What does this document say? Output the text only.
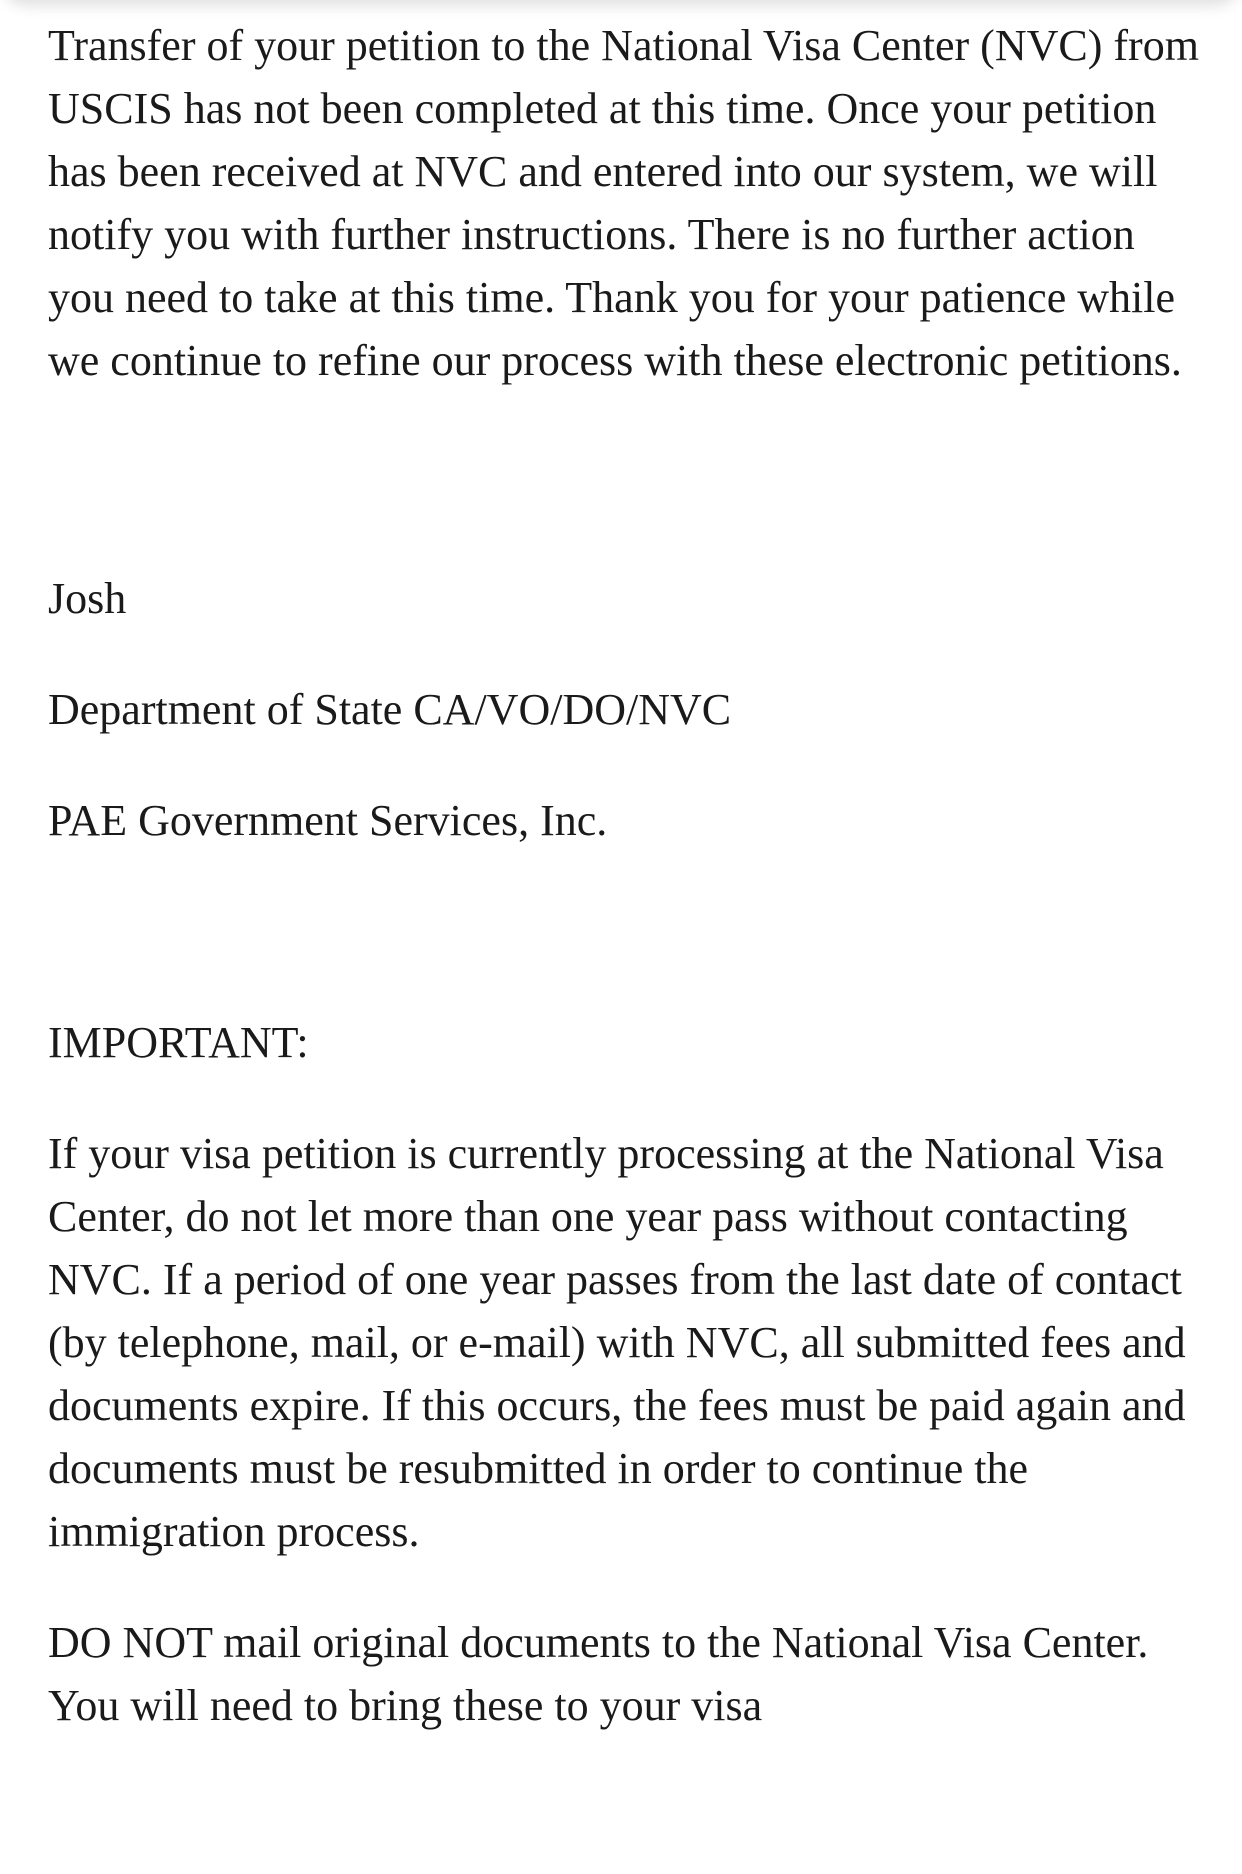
Transfer of your petition to the National Visa Center (NVC) from USCIS has not been completed at this time. Once your petition has been received at NVC and entered into our system, we will notify you with further instructions. There is no further action you need to take at this time. Thank you for your patience while we continue to refine our process with these electronic petitions.

Josh

Department of State CA/VO/DO/NVC

PAE Government Services, Inc.

IMPORTANT:

If your visa petition is currently processing at the National Visa Center, do not let more than one year pass without contacting NVC. If a period of one year passes from the last date of contact (by telephone, mail, or e-mail) with NVC, all submitted fees and documents expire. If this occurs, the fees must be paid again and documents must be resubmitted in order to continue the immigration process.

DO NOT mail original documents to the National Visa Center. You will need to bring these to your visa
